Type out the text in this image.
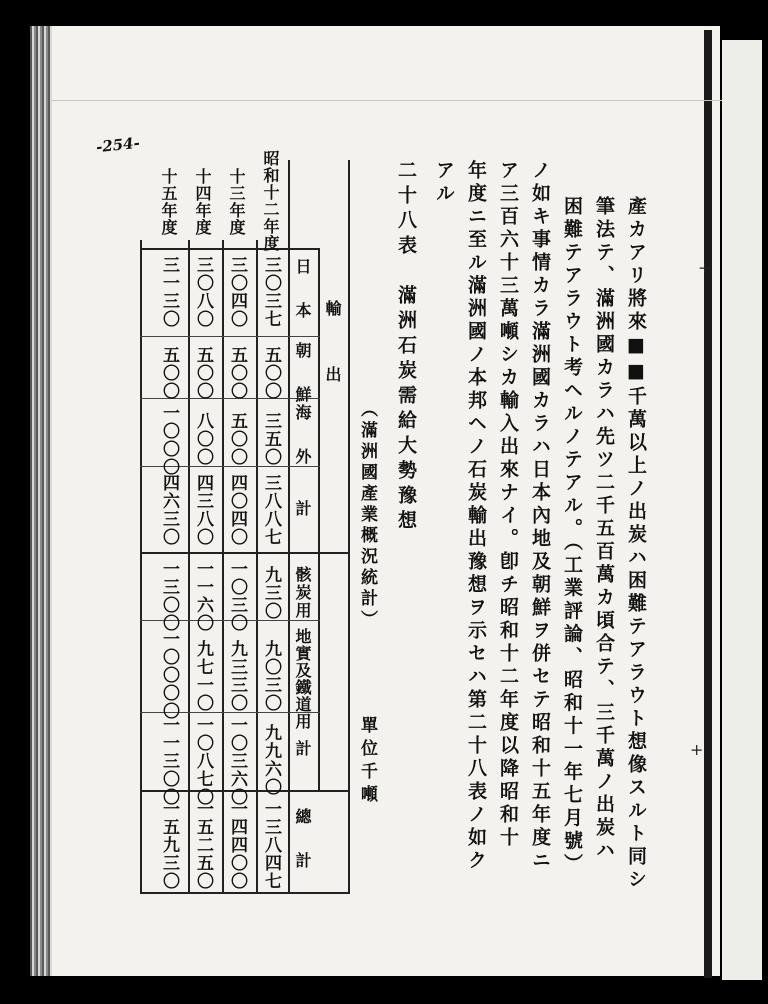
-254-
+
+
產カアリ將來■■千萬以上ノ出炭ハ困難テアラウト想像スルト同シ
筆法テ、滿洲國カラハ先ツ二千五百萬カ頃合テ、三千萬ノ出炭ハ
困難テアラウト考ヘルノテアル。（工業評論、昭和十一年七月號）
ノ如キ事情カラ滿洲國カラハ日本內地及朝鮮ヲ併セテ昭和十五年度ニ
ア三百六十三萬噸シカ輸入出來ナイ。卽チ昭和十二年度以降昭和十
年度ニ至ル滿洲國ノ本邦ヘノ石炭輸出豫想ヲ示セハ第二十八表ノ如ク
アル
二十八表　滿洲石炭需給大勢豫想
（滿洲國產業概況統計）
單位千噸
輸　　出
日　本
朝　鮮
海　外
計
骸炭用
地實及鐵道用
計
總　計
昭和十二年度
三〇三七
五〇〇
三五〇
三八八七
九三〇
九〇三〇
九九六〇
一三八四七
十三年度
三〇四〇
五〇〇
五〇〇
四〇四〇
一〇三〇
九三三〇
一〇三六〇
一四四〇〇
十四年度
三〇八〇
五〇〇
八〇〇
四三八〇
一一六〇
九七一〇
一〇八七〇
一五二五〇
十五年度
三一三〇
五〇〇
一〇〇〇
四六三〇
一三〇〇
一〇〇〇〇
一一三〇〇
一五九三〇
